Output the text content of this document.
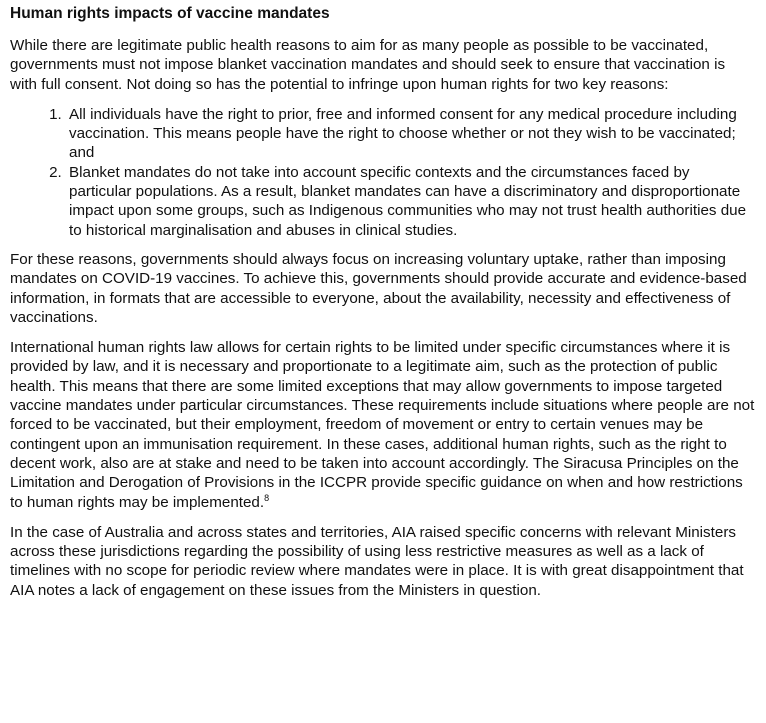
Human rights impacts of vaccine mandates

While there are legitimate public health reasons to aim for as many people as possible to be vaccinated, governments must not impose blanket vaccination mandates and should seek to ensure that vaccination is with full consent. Not doing so has the potential to infringe upon human rights for two key reasons:

1. All individuals have the right to prior, free and informed consent for any medical procedure including vaccination. This means people have the right to choose whether or not they wish to be vaccinated; and
2. Blanket mandates do not take into account specific contexts and the circumstances faced by particular populations. As a result, blanket mandates can have a discriminatory and disproportionate impact upon some groups, such as Indigenous communities who may not trust health authorities due to historical marginalisation and abuses in clinical studies.

For these reasons, governments should always focus on increasing voluntary uptake, rather than imposing mandates on COVID-19 vaccines. To achieve this, governments should provide accurate and evidence-based information, in formats that are accessible to everyone, about the availability, necessity and effectiveness of vaccinations.

International human rights law allows for certain rights to be limited under specific circumstances where it is provided by law, and it is necessary and proportionate to a legitimate aim, such as the protection of public health. This means that there are some limited exceptions that may allow governments to impose targeted vaccine mandates under particular circumstances. These requirements include situations where people are not forced to be vaccinated, but their employment, freedom of movement or entry to certain venues may be contingent upon an immunisation requirement. In these cases, additional human rights, such as the right to decent work, also are at stake and need to be taken into account accordingly. The Siracusa Principles on the Limitation and Derogation of Provisions in the ICCPR provide specific guidance on when and how restrictions to human rights may be implemented.$^8$

In the case of Australia and across states and territories, AIA raised specific concerns with relevant Ministers across these jurisdictions regarding the possibility of using less restrictive measures as well as a lack of timelines with no scope for periodic review where mandates were in place. It is with great disappointment that AIA notes a lack of engagement on these issues from the Ministers in question.
